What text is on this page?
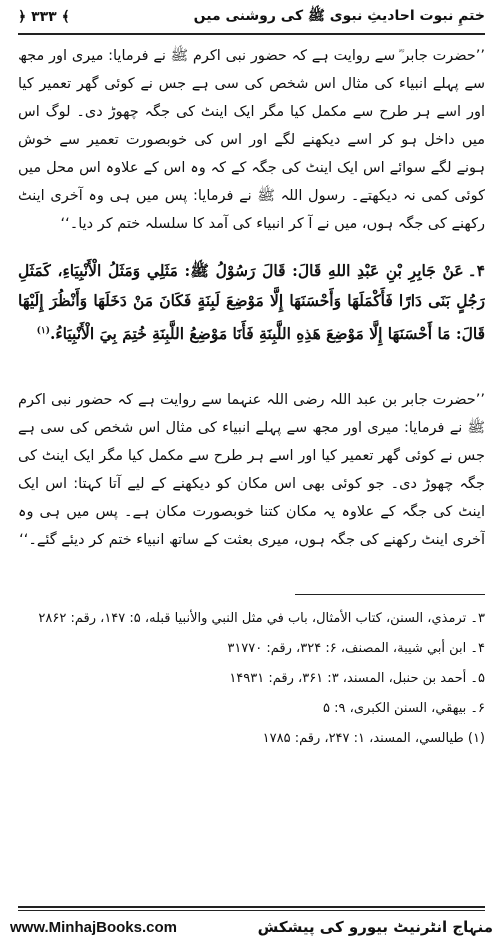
ختمِ نبوت احادیثِ نبوی ﷺ کی روشنی میں
﴿ ۳۳۳ ﴾
’’حضرت جابر ؓ سے روایت ہے کہ حضور نبی اکرم ﷺ نے فرمایا: میری اور مجھ سے پہلے انبیاء کی مثال اس شخص کی سی ہے جس نے کوئی گھر تعمیر کیا اور اسے ہر طرح سے مکمل کیا مگر ایک اینٹ کی جگہ چھوڑ دی۔ لوگ اس میں داخل ہو کر اسے دیکھنے لگے اور اس کی خوبصورت تعمیر سے خوش ہونے لگے سوائے اس ایک اینٹ کی جگہ کے کہ وہ اس کے علاوہ اس محل میں کوئی کمی نہ دیکھتے۔ رسول اللہ ﷺ نے فرمایا: پس میں ہی وہ آخری اینٹ رکھنے کی جگہ ہوں، میں نے آ کر انبیاء کی آمد کا سلسلہ ختم کر دیا۔‘‘
۴۔عَنْ جَابِرِ بْنِ عَبْدِ اللهِ قَالَ: قَالَ رَسُوْلُ ﷺ: مَثَلِي وَمَثَلُ الْأَنْبِيَاءِ، كَمَثَلِ رَجُلٍ بَنَى دَارًا فَأَكْمَلَهَا وَأَحْسَنَهَا إِلَّا مَوْضِعَ لَبِنَةٍ فَكَانَ مَنْ دَخَلَهَا وَأَنْظُرَ إِلَيْهَا قَالَ: مَا أَحْسَنَهَا إِلَّا مَوْضِعَ هَذِهِ اللَّبِنَةِ فَأَنَا مَوْضِعُ اللَّبِنَةِ خُتِمَ بِيَ الْأَنْبِيَاءُ.$^{(۱)}$
’’حضرت جابر بن عبد اللہ رضی اللہ عنہما سے روایت ہے کہ حضور نبی اکرم ﷺ نے فرمایا: میری اور مجھ سے پہلے انبیاء کی مثال اس شخص کی سی ہے جس نے کوئی گھر تعمیر کیا اور اسے ہر طرح سے مکمل کیا مگر ایک اینٹ کی جگہ چھوڑ دی۔ جو کوئی بھی اس مکان کو دیکھنے کے لیے آتا کہتا: اس ایک اینٹ کی جگہ کے علاوہ یہ مکان کتنا خوبصورت مکان ہے۔ پس میں ہی وہ آخری اینٹ رکھنے کی جگہ ہوں، میری بعثت کے ساتھ انبیاء ختم کر دیئے گئے۔‘‘
۳۔ ترمذي، السنن، كتاب الأمثال، باب في مثل النبي والأنبيا قبله، ۵: ۱۴۷، رقم: ۲۸۶۲
۴۔ ابن أبي شيبة، المصنف، ۶: ۳۲۴، رقم: ۳۱۷۷۰
۵۔ أحمد بن حنبل، المسند، ۳: ۳۶۱، رقم: ۱۴۹۳۱
۶۔ بيهقي، السنن الكبرى، ۹: ۵
(۱) طيالسي، المسند، ۱: ۲۴۷، رقم: ۱۷۸۵
www.MinhajBooks.com	منہاج انٹرنیٹ بیورو کی پیشکش
